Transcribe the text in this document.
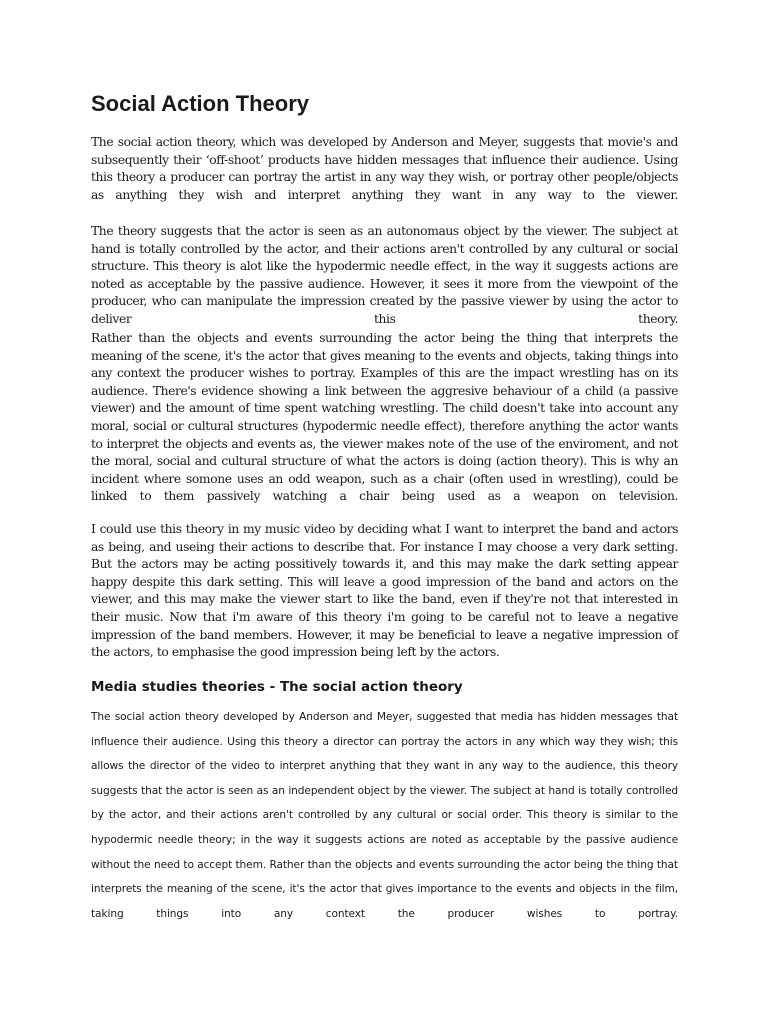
Social Action Theory

The social action theory, which was developed by Anderson and Meyer, suggests that movie's and subsequently their ‘off-shoot’ products have hidden messages that influence their audience. Using this theory a producer can portray the artist in any way they wish, or portray other people/objects as anything they wish and interpret anything they want in any way to the viewer.

The theory suggests that the actor is seen as an autonomaus object by the viewer. The subject at hand is totally controlled by the actor, and their actions aren't controlled by any cultural or social structure. This theory is alot like the hypodermic needle effect, in the way it suggests actions are noted as acceptable by the passive audience. However, it sees it more from the viewpoint of the producer, who can manipulate the impression created by the passive viewer by using the actor to deliver this theory.

Rather than the objects and events surrounding the actor being the thing that interprets the meaning of the scene, it's the actor that gives meaning to the events and objects, taking things into any context the producer wishes to portray. Examples of this are the impact wrestling has on its audience. There's evidence showing a link between the aggresive behaviour of a child (a passive viewer) and the amount of time spent watching wrestling. The child doesn't take into account any moral, social or cultural structures (hypodermic needle effect), therefore anything the actor wants to interpret the objects and events as, the viewer makes note of the use of the enviroment, and not the moral, social and cultural structure of what the actors is doing (action theory). This is why an incident where somone uses an odd weapon, such as a chair (often used in wrestling), could be linked to them passively watching a chair being used as a weapon on television.

I could use this theory in my music video by deciding what I want to interpret the band and actors as being, and useing their actions to describe that. For instance I may choose a very dark setting. But the actors may be acting possitively towards it, and this may make the dark setting appear happy despite this dark setting. This will leave a good impression of the band and actors on the viewer, and this may make the viewer start to like the band, even if they're not that interested in their music. Now that i'm aware of this theory i'm going to be careful not to leave a negative impression of the band members. However, it may be beneficial to leave a negative impression of the actors, to emphasise the good impression being left by the actors.

Media studies theories - The social action theory

The social action theory developed by Anderson and Meyer, suggested that media has hidden messages that influence their audience. Using this theory a director can portray the actors in any which way they wish; this allows the director of the video to interpret anything that they want in any way to the audience, this theory suggests that the actor is seen as an independent object by the viewer. The subject at hand is totally controlled by the actor, and their actions aren't controlled by any cultural or social order. This theory is similar to the hypodermic needle theory; in the way it suggests actions are noted as acceptable by the passive audience without the need to accept them. Rather than the objects and events surrounding the actor being the thing that interprets the meaning of the scene, it's the actor that gives importance to the events and objects in the film, taking things into any context the producer wishes to portray.
